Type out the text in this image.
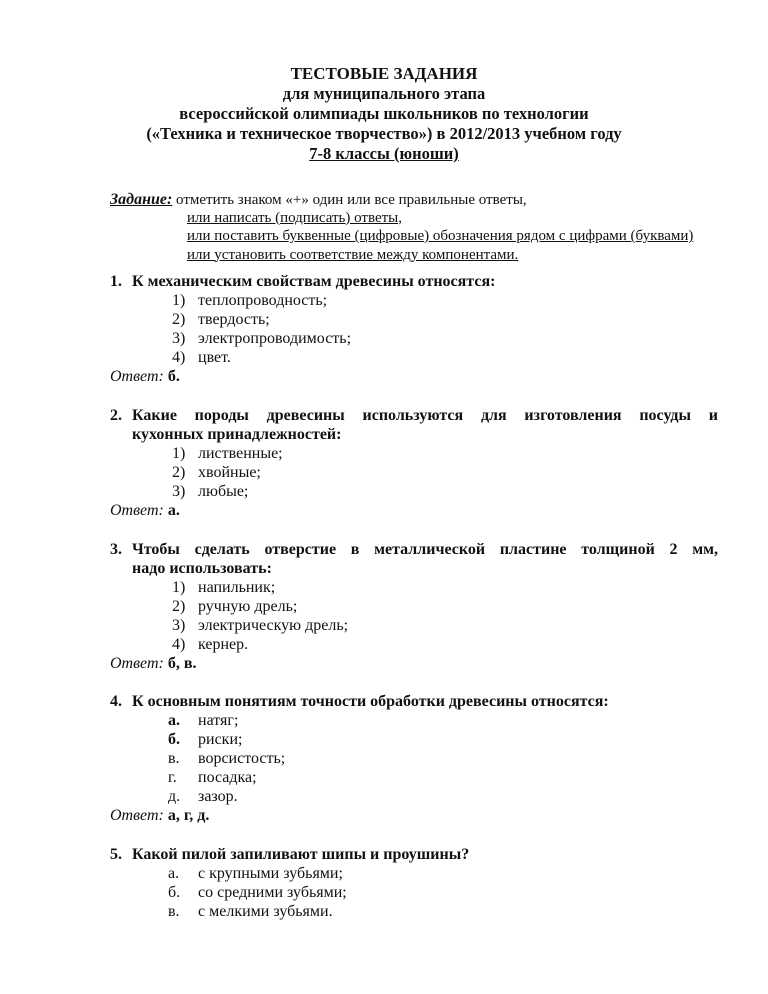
ТЕСТОВЫЕ ЗАДАНИЯ
для муниципального этапа
всероссийской олимпиады школьников по технологии
(«Техника и техническое творчество») в 2012/2013 учебном году
7-8 классы (юноши)
Задание: отметить знаком «+» один или все правильные ответы,
или написать (подписать) ответы,
или поставить буквенные (цифровые) обозначения рядом с цифрами (буквами)
или установить соответствие между компонентами.
1. К механическим свойствам древесины относятся:
1) теплопроводность;
2) твердость;
3) электропроводимость;
4) цвет.
Ответ: б.
2. Какие породы древесины используются для изготовления посуды и
кухонных принадлежностей:
1) лиственные;
2) хвойные;
3) любые;
Ответ: а.
3. Чтобы сделать отверстие в металлической пластине толщиной 2 мм,
надо использовать:
1) напильник;
2) ручную дрель;
3) электрическую дрель;
4) кернер.
Ответ: б, в.
4. К основным понятиям точности обработки древесины относятся:
а.	натяг;
б.	риски;
в.	ворсистость;
г.	посадка;
д.	зазор.
Ответ: а, г, д.
5. Какой пилой запиливают шипы и проушины?
а.	с крупными зубьями;
б.	со средними зубьями;
в.	с мелкими зубьями.
